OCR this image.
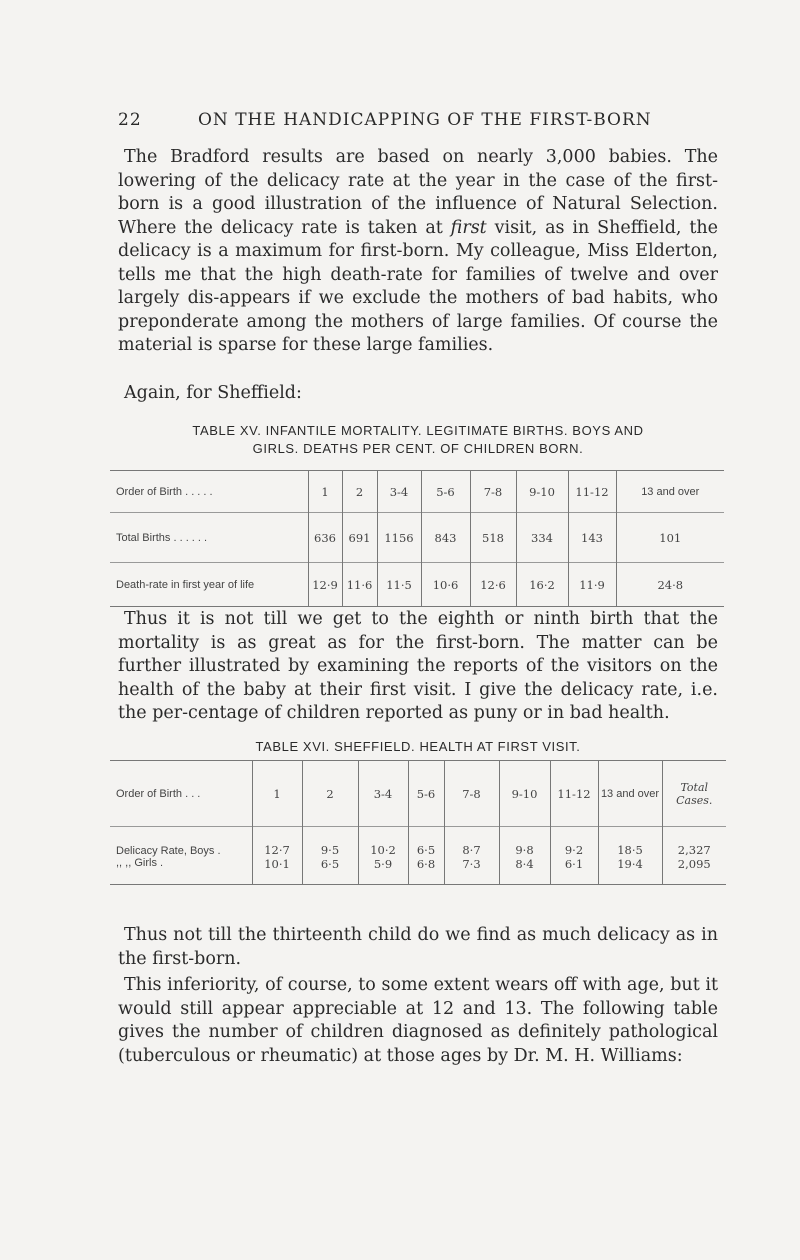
22	ON THE HANDICAPPING OF THE FIRST-BORN

The Bradford results are based on nearly 3,000 babies. The lowering of the delicacy rate at the year in the case of the first-born is a good illustration of the influence of Natural Selection. Where the delicacy rate is taken at first visit, as in Sheffield, the delicacy is a maximum for first-born. My colleague, Miss Elderton, tells me that the high death-rate for families of twelve and over largely dis-appears if we exclude the mothers of bad habits, who preponderate among the mothers of large families. Of course the material is sparse for these large families.

Again, for Sheffield:

TABLE XV. INFANTILE MORTALITY. LEGITIMATE BIRTHS. BOYS AND
GIRLS. DEATHS PER CENT. OF CHILDREN BORN.
Order of Birth . . . . .	1	2	3-4	5-6	7-8	9-10	11-12	13 and over
Total Births . . . . . .	636	691	1156	843	518	334	143	101
Death-rate in first year of life	12·9	11·6	11·5	10·6	12·6	16·2	11·9	24·8

Thus it is not till we get to the eighth or ninth birth that the mortality is as great as for the first-born. The matter can be further illustrated by examining the reports of the visitors on the health of the baby at their first visit. I give the delicacy rate, i.e. the per-centage of children reported as puny or in bad health.

TABLE XVI. SHEFFIELD. HEALTH AT FIRST VISIT.
Order of Birth . . .	1	2	3-4	5-6	7-8	9-10	11-12	13 and over	Total Cases.
Delicacy Rate, Boys .	12·7	9·5	10·2	6·5	8·7	9·8	9·2	18·5	2,327
,, ,, Girls .	10·1	6·5	5·9	6·8	7·3	8·4	6·1	19·4	2,095

Thus not till the thirteenth child do we find as much delicacy as in the first-born.

This inferiority, of course, to some extent wears off with age, but it would still appear appreciable at 12 and 13. The following table gives the number of children diagnosed as definitely pathological (tuberculous or rheumatic) at those ages by Dr. M. H. Williams:
